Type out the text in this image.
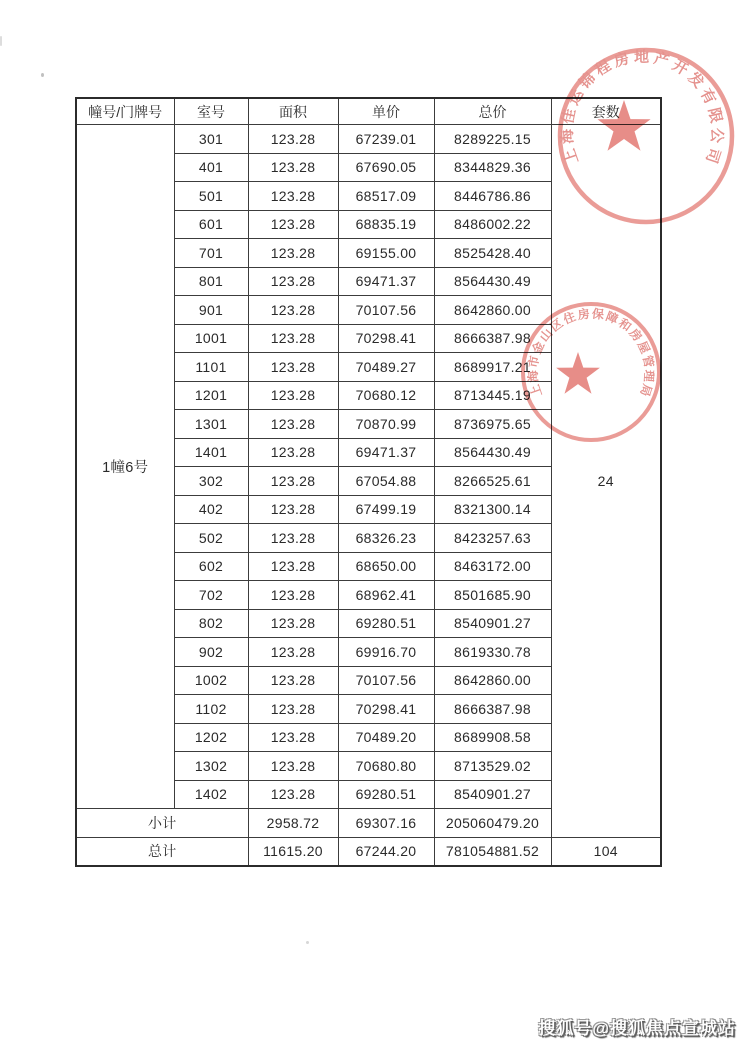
幢号/门牌号	室号	面积	单价	总价	套数
1幢6号	301	123.28	67239.01	8289225.15	24
	401	123.28	67690.05	8344829.36	
	501	123.28	68517.09	8446786.86	
	601	123.28	68835.19	8486002.22	
	701	123.28	69155.00	8525428.40	
	801	123.28	69471.37	8564430.49	
	901	123.28	70107.56	8642860.00	
	1001	123.28	70298.41	8666387.98	
	1101	123.28	70489.27	8689917.21	
	1201	123.28	70680.12	8713445.19	
	1301	123.28	70870.99	8736975.65	
	1401	123.28	69471.37	8564430.49	
	302	123.28	67054.88	8266525.61	
	402	123.28	67499.19	8321300.14	
	502	123.28	68326.23	8423257.63	
	602	123.28	68650.00	8463172.00	
	702	123.28	68962.41	8501685.90	
	802	123.28	69280.51	8540901.27	
	902	123.28	69916.70	8619330.78	
	1002	123.28	70107.56	8642860.00	
	1102	123.28	70298.41	8666387.98	
	1202	123.28	70489.20	8689908.58	
	1302	123.28	70680.80	8713529.02	
	1402	123.28	69280.51	8540901.27	
小计		2958.72	69307.16	205060479.20	
总计		11615.20	67244.20	781054881.52	104
上海佳运锦程房地产开发有限公司
上海市金山区住房保障和房屋管理局
搜狐号@搜狐焦点宣城站
